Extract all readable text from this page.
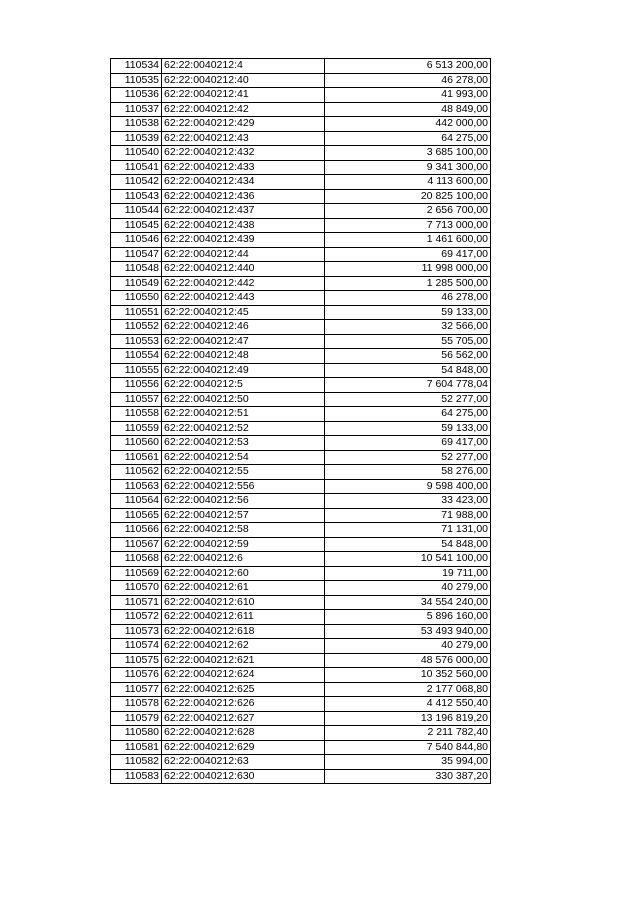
110534	62:22:0040212:4	6 513 200,00
110535	62:22:0040212:40	46 278,00
110536	62:22:0040212:41	41 993,00
110537	62:22:0040212:42	48 849,00
110538	62:22:0040212:429	442 000,00
110539	62:22:0040212:43	64 275,00
110540	62:22:0040212:432	3 685 100,00
110541	62:22:0040212:433	9 341 300,00
110542	62:22:0040212:434	4 113 600,00
110543	62:22:0040212:436	20 825 100,00
110544	62:22:0040212:437	2 656 700,00
110545	62:22:0040212:438	7 713 000,00
110546	62:22:0040212:439	1 461 600,00
110547	62:22:0040212:44	69 417,00
110548	62:22:0040212:440	11 998 000,00
110549	62:22:0040212:442	1 285 500,00
110550	62:22:0040212:443	46 278,00
110551	62:22:0040212:45	59 133,00
110552	62:22:0040212:46	32 566,00
110553	62:22:0040212:47	55 705,00
110554	62:22:0040212:48	56 562,00
110555	62:22:0040212:49	54 848,00
110556	62:22:0040212:5	7 604 778,04
110557	62:22:0040212:50	52 277,00
110558	62:22:0040212:51	64 275,00
110559	62:22:0040212:52	59 133,00
110560	62:22:0040212:53	69 417,00
110561	62:22:0040212:54	52 277,00
110562	62:22:0040212:55	58 276,00
110563	62:22:0040212:556	9 598 400,00
110564	62:22:0040212:56	33 423,00
110565	62:22:0040212:57	71 988,00
110566	62:22:0040212:58	71 131,00
110567	62:22:0040212:59	54 848,00
110568	62:22:0040212:6	10 541 100,00
110569	62:22:0040212:60	19 711,00
110570	62:22:0040212:61	40 279,00
110571	62:22:0040212:610	34 554 240,00
110572	62:22:0040212:611	5 896 160,00
110573	62:22:0040212:618	53 493 940,00
110574	62:22:0040212:62	40 279,00
110575	62:22:0040212:621	48 576 000,00
110576	62:22:0040212:624	10 352 560,00
110577	62:22:0040212:625	2 177 068,80
110578	62:22:0040212:626	4 412 550,40
110579	62:22:0040212:627	13 196 819,20
110580	62:22:0040212:628	2 211 782,40
110581	62:22:0040212:629	7 540 844,80
110582	62:22:0040212:63	35 994,00
110583	62:22:0040212:630	330 387,20
